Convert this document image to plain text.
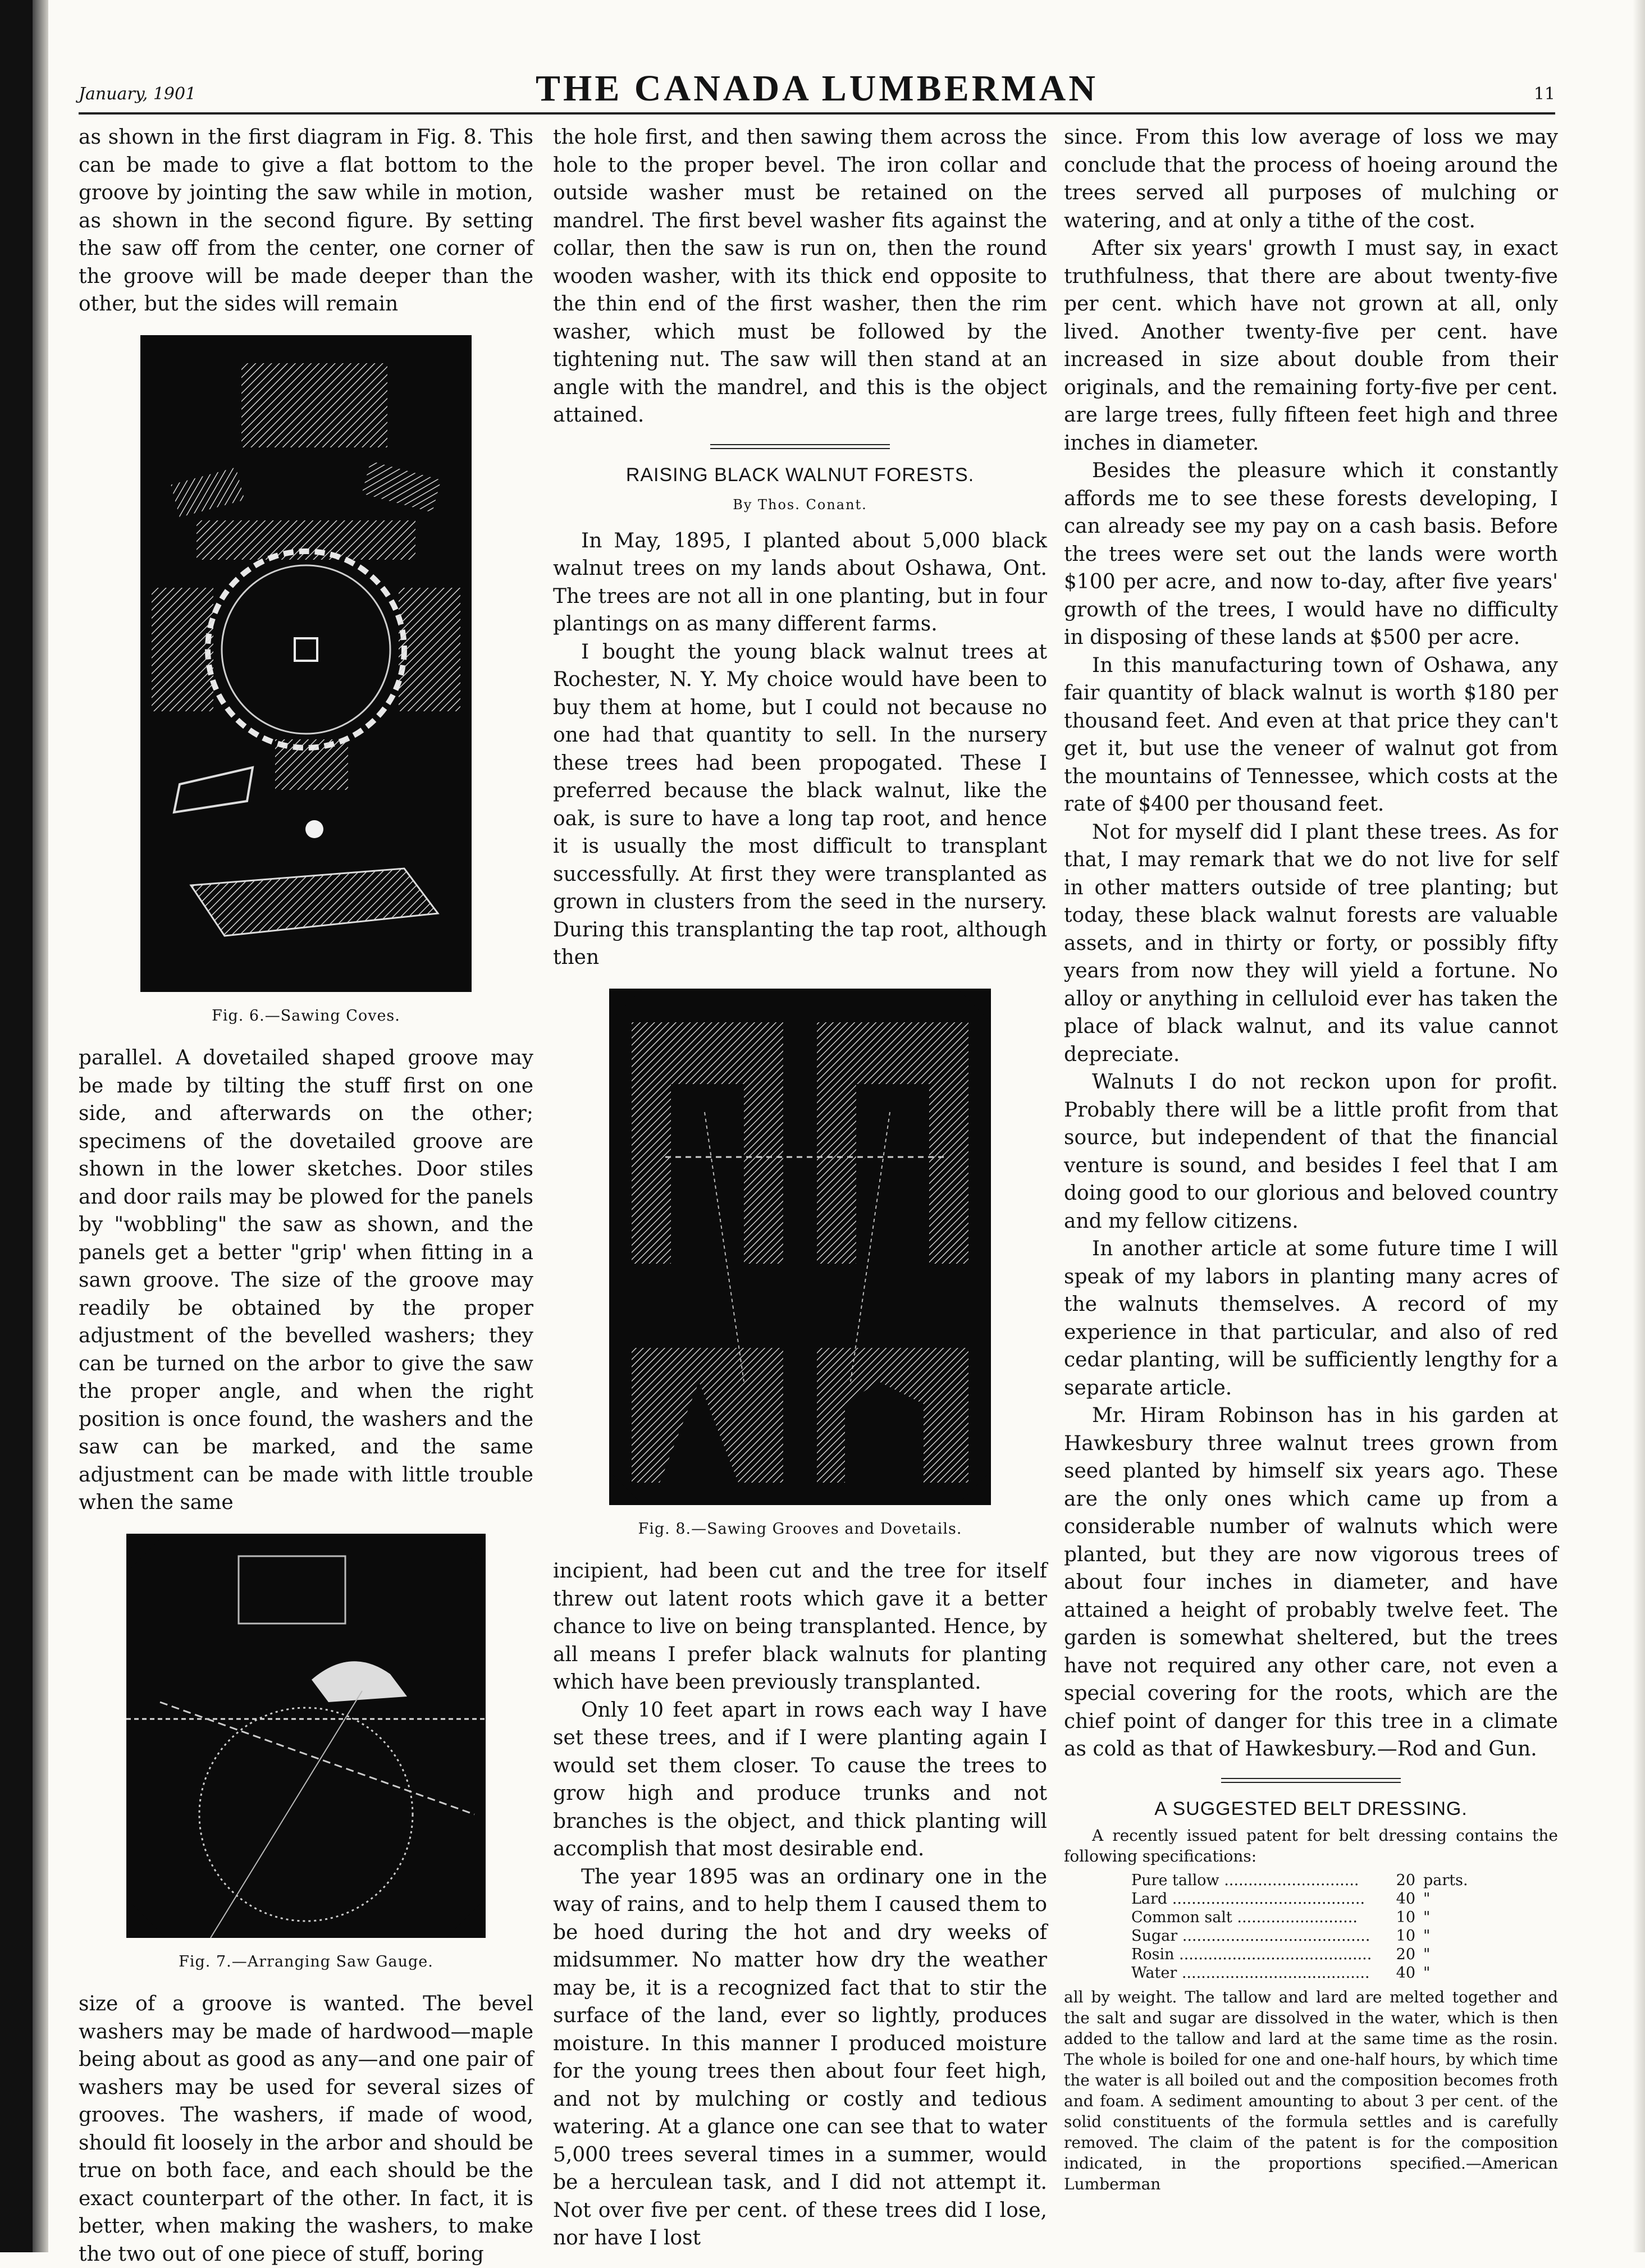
January, 1901	THE CANADA LUMBERMAN	11

as shown in the first diagram in Fig. 8. This can be made to give a flat bottom to the groove by jointing the saw while in motion, as shown in the second figure. By setting the saw off from the center, one corner of the groove will be made deeper than the other, but the sides will remain

Fig. 6.—Sawing Coves.

parallel. A dovetailed shaped groove may be made by tilting the stuff first on one side, and afterwards on the other; specimens of the dovetailed groove are shown in the lower sketches. Door stiles and door rails may be plowed for the panels by "wobbling" the saw as shown, and the panels get a better "grip' when fitting in a sawn groove. The size of the groove may readily be obtained by the proper adjustment of the bevelled washers; they can be turned on the arbor to give the saw the proper angle, and when the right position is once found, the washers and the saw can be marked, and the same adjustment can be made with little trouble when the same

Fig. 7.—Arranging Saw Gauge.

size of a groove is wanted. The bevel washers may be made of hardwood—maple being about as good as any—and one pair of washers may be used for several sizes of grooves. The washers, if made of wood, should fit loosely in the arbor and should be true on both face, and each should be the exact counterpart of the other. In fact, it is better, when making the washers, to make the two out of one piece of stuff, boring

the hole first, and then sawing them across the hole to the proper bevel. The iron collar and outside washer must be retained on the mandrel. The first bevel washer fits against the collar, then the saw is run on, then the round wooden washer, with its thick end opposite to the thin end of the first washer, then the rim washer, which must be followed by the tightening nut. The saw will then stand at an angle with the mandrel, and this is the object attained.

RAISING BLACK WALNUT FORESTS.
By Thos. Conant.

In May, 1895, I planted about 5,000 black walnut trees on my lands about Oshawa, Ont. The trees are not all in one planting, but in four plantings on as many different farms.

I bought the young black walnut trees at Rochester, N. Y. My choice would have been to buy them at home, but I could not because no one had that quantity to sell. In the nursery these trees had been propogated. These I preferred because the black walnut, like the oak, is sure to have a long tap root, and hence it is usually the most difficult to transplant successfully. At first they were transplanted as grown in clusters from the seed in the nursery. During this transplanting the tap root, although then

Fig. 8.—Sawing Grooves and Dovetails.

incipient, had been cut and the tree for itself threw out latent roots which gave it a better chance to live on being transplanted. Hence, by all means I prefer black walnuts for planting which have been previously transplanted.

Only 10 feet apart in rows each way I have set these trees, and if I were planting again I would set them closer. To cause the trees to grow high and produce trunks and not branches is the object, and thick planting will accomplish that most desirable end.

The year 1895 was an ordinary one in the way of rains, and to help them I caused them to be hoed during the hot and dry weeks of midsummer. No matter how dry the weather may be, it is a recognized fact that to stir the surface of the land, ever so lightly, produces moisture. In this manner I produced moisture for the young trees then about four feet high, and not by mulching or costly and tedious watering. At a glance one can see that to water 5,000 trees several times in a summer, would be a herculean task, and I did not attempt it. Not over five per cent. of these trees did I lose, nor have I lost

since. From this low average of loss we may conclude that the process of hoeing around the trees served all purposes of mulching or watering, and at only a tithe of the cost.

After six years' growth I must say, in exact truthfulness, that there are about twenty-five per cent. which have not grown at all, only lived. Another twenty-five per cent. have increased in size about double from their originals, and the remaining forty-five per cent. are large trees, fully fifteen feet high and three inches in diameter.

Besides the pleasure which it constantly affords me to see these forests developing, I can already see my pay on a cash basis. Before the trees were set out the lands were worth $100 per acre, and now to-day, after five years' growth of the trees, I would have no difficulty in disposing of these lands at $500 per acre.

In this manufacturing town of Oshawa, any fair quantity of black walnut is worth $180 per thousand feet. And even at that price they can't get it, but use the veneer of walnut got from the mountains of Tennessee, which costs at the rate of $400 per thousand feet.

Not for myself did I plant these trees. As for that, I may remark that we do not live for self in other matters outside of tree planting; but today, these black walnut forests are valuable assets, and in thirty or forty, or possibly fifty years from now they will yield a fortune. No alloy or anything in celluloid ever has taken the place of black walnut, and its value cannot depreciate.

Walnuts I do not reckon upon for profit. Probably there will be a little profit from that source, but independent of that the financial venture is sound, and besides I feel that I am doing good to our glorious and beloved country and my fellow citizens.

In another article at some future time I will speak of my labors in planting many acres of the walnuts themselves. A record of my experience in that particular, and also of red cedar planting, will be sufficiently lengthy for a separate article.

Mr. Hiram Robinson has in his garden at Hawkesbury three walnut trees grown from seed planted by himself six years ago. These are the only ones which came up from a considerable number of walnuts which were planted, but they are now vigorous trees of about four inches in diameter, and have attained a height of probably twelve feet. The garden is somewhat sheltered, but the trees have not required any other care, not even a special covering for the roots, which are the chief point of danger for this tree in a climate as cold as that of Hawkesbury.—Rod and Gun.

A SUGGESTED BELT DRESSING.

A recently issued patent for belt dressing contains the following specifications:

Pure tallow ............................	20 parts.
Lard ........................................	40 "
Common salt .........................	10 "
Sugar .......................................	10 "
Rosin ........................................	20 "
Water .......................................	40 "

all by weight. The tallow and lard are melted together and the salt and sugar are dissolved in the water, which is then added to the tallow and lard at the same time as the rosin. The whole is boiled for one and one-half hours, by which time the water is all boiled out and the composition becomes froth and foam. A sediment amounting to about 3 per cent. of the solid constituents of the formula settles and is carefully removed. The claim of the patent is for the composition indicated, in the proportions specified.—American Lumberman
